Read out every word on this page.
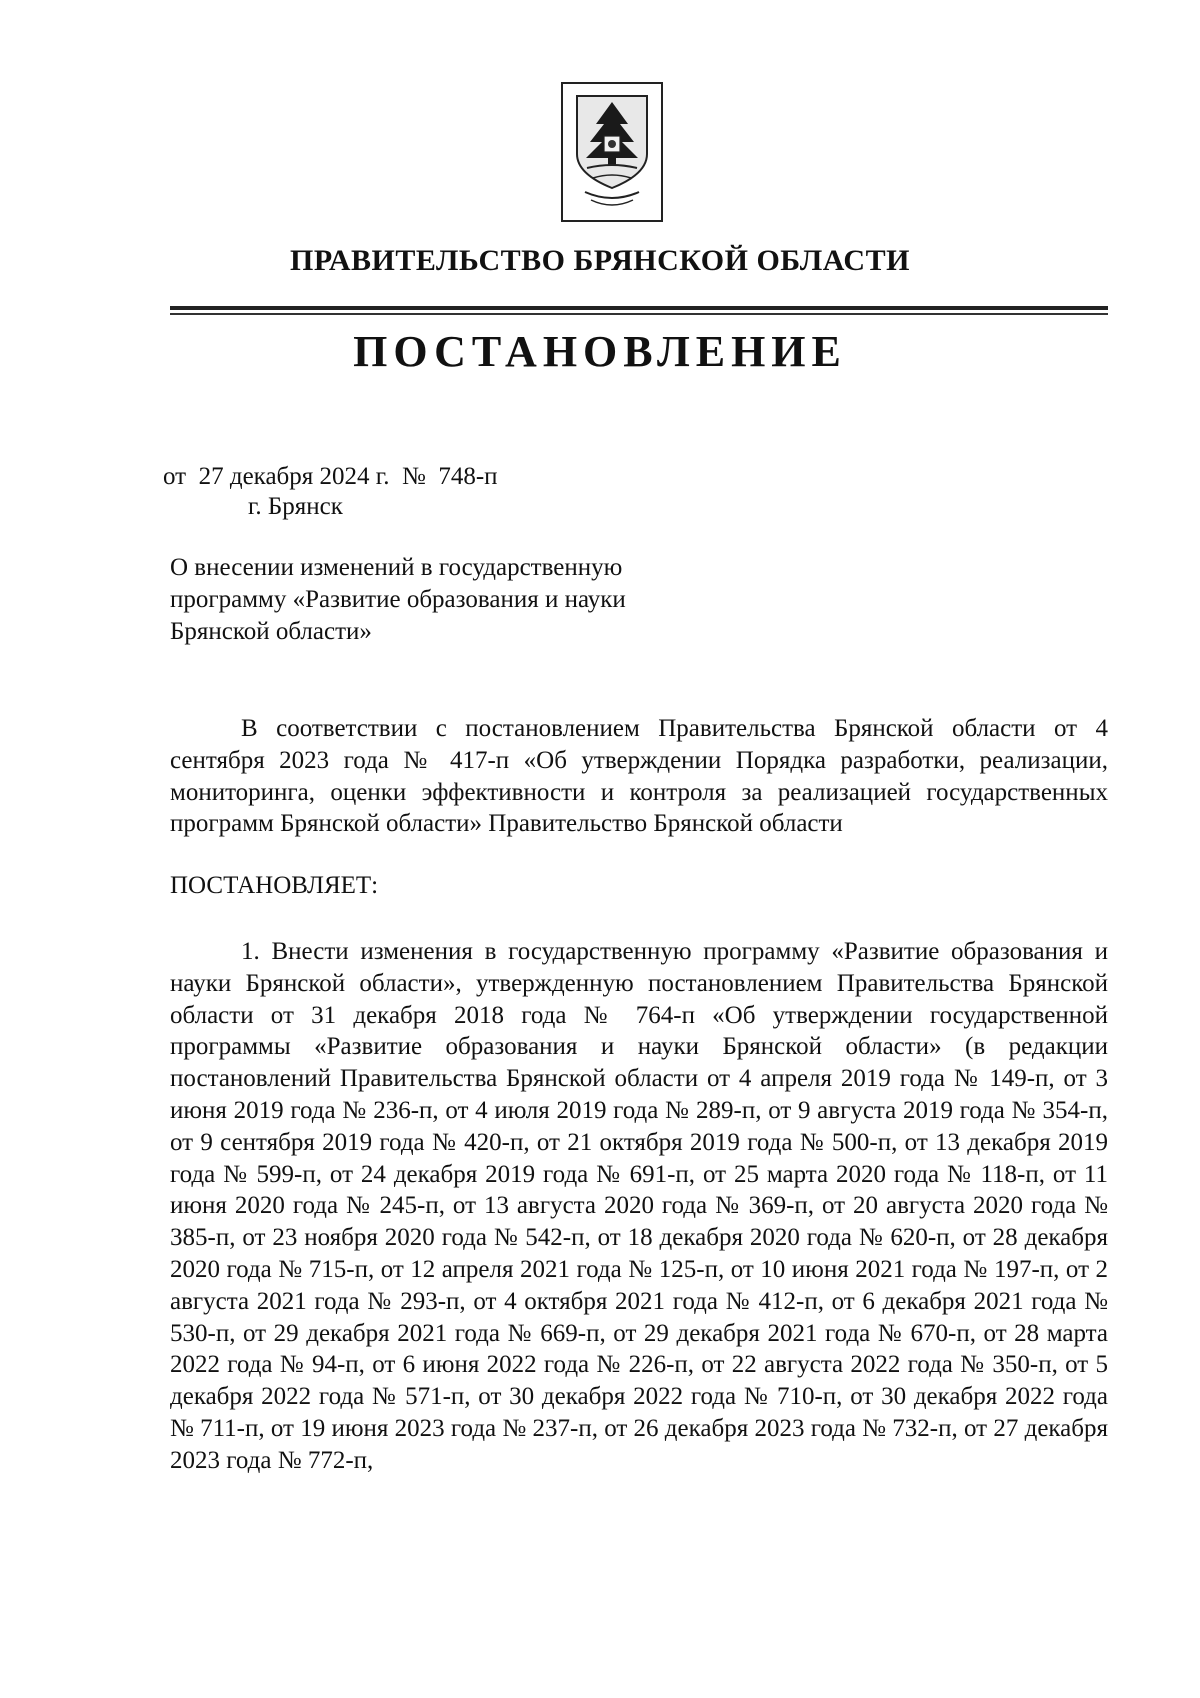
ПРАВИТЕЛЬСТВО БРЯНСКОЙ ОБЛАСТИ
ПОСТАНОВЛЕНИЕ
от 27 декабря 2024 г. № 748-п
г. Брянск
О внесении изменений в государственную
программу «Развитие образования и науки
Брянской области»
В соответствии с постановлением Правительства Брянской области от 4 сентября 2023 года № 417-п «Об утверждении Порядка разработки, реализации, мониторинга, оценки эффективности и контроля за реализацией государственных программ Брянской области» Правительство Брянской области
ПОСТАНОВЛЯЕТ:
1. Внести изменения в государственную программу «Развитие образования и науки Брянской области», утвержденную постановлением Правительства Брянской области от 31 декабря 2018 года № 764-п «Об утверждении государственной программы «Развитие образования и науки Брянской области» (в редакции постановлений Правительства Брянской области от 4 апреля 2019 года № 149-п, от 3 июня 2019 года № 236-п, от 4 июля 2019 года № 289-п, от 9 августа 2019 года № 354-п, от 9 сентября 2019 года № 420-п, от 21 октября 2019 года № 500-п, от 13 декабря 2019 года № 599-п, от 24 декабря 2019 года № 691-п, от 25 марта 2020 года № 118-п, от 11 июня 2020 года № 245-п, от 13 августа 2020 года № 369-п, от 20 августа 2020 года № 385-п, от 23 ноября 2020 года № 542-п, от 18 декабря 2020 года № 620-п, от 28 декабря 2020 года № 715-п, от 12 апреля 2021 года № 125-п, от 10 июня 2021 года № 197-п, от 2 августа 2021 года № 293-п, от 4 октября 2021 года № 412-п, от 6 декабря 2021 года № 530-п, от 29 декабря 2021 года № 669-п, от 29 декабря 2021 года № 670-п, от 28 марта 2022 года № 94-п, от 6 июня 2022 года № 226-п, от 22 августа 2022 года № 350-п, от 5 декабря 2022 года № 571-п, от 30 декабря 2022 года № 710-п, от 30 декабря 2022 года № 711-п, от 19 июня 2023 года № 237-п, от 26 декабря 2023 года № 732-п, от 27 декабря 2023 года № 772-п,
